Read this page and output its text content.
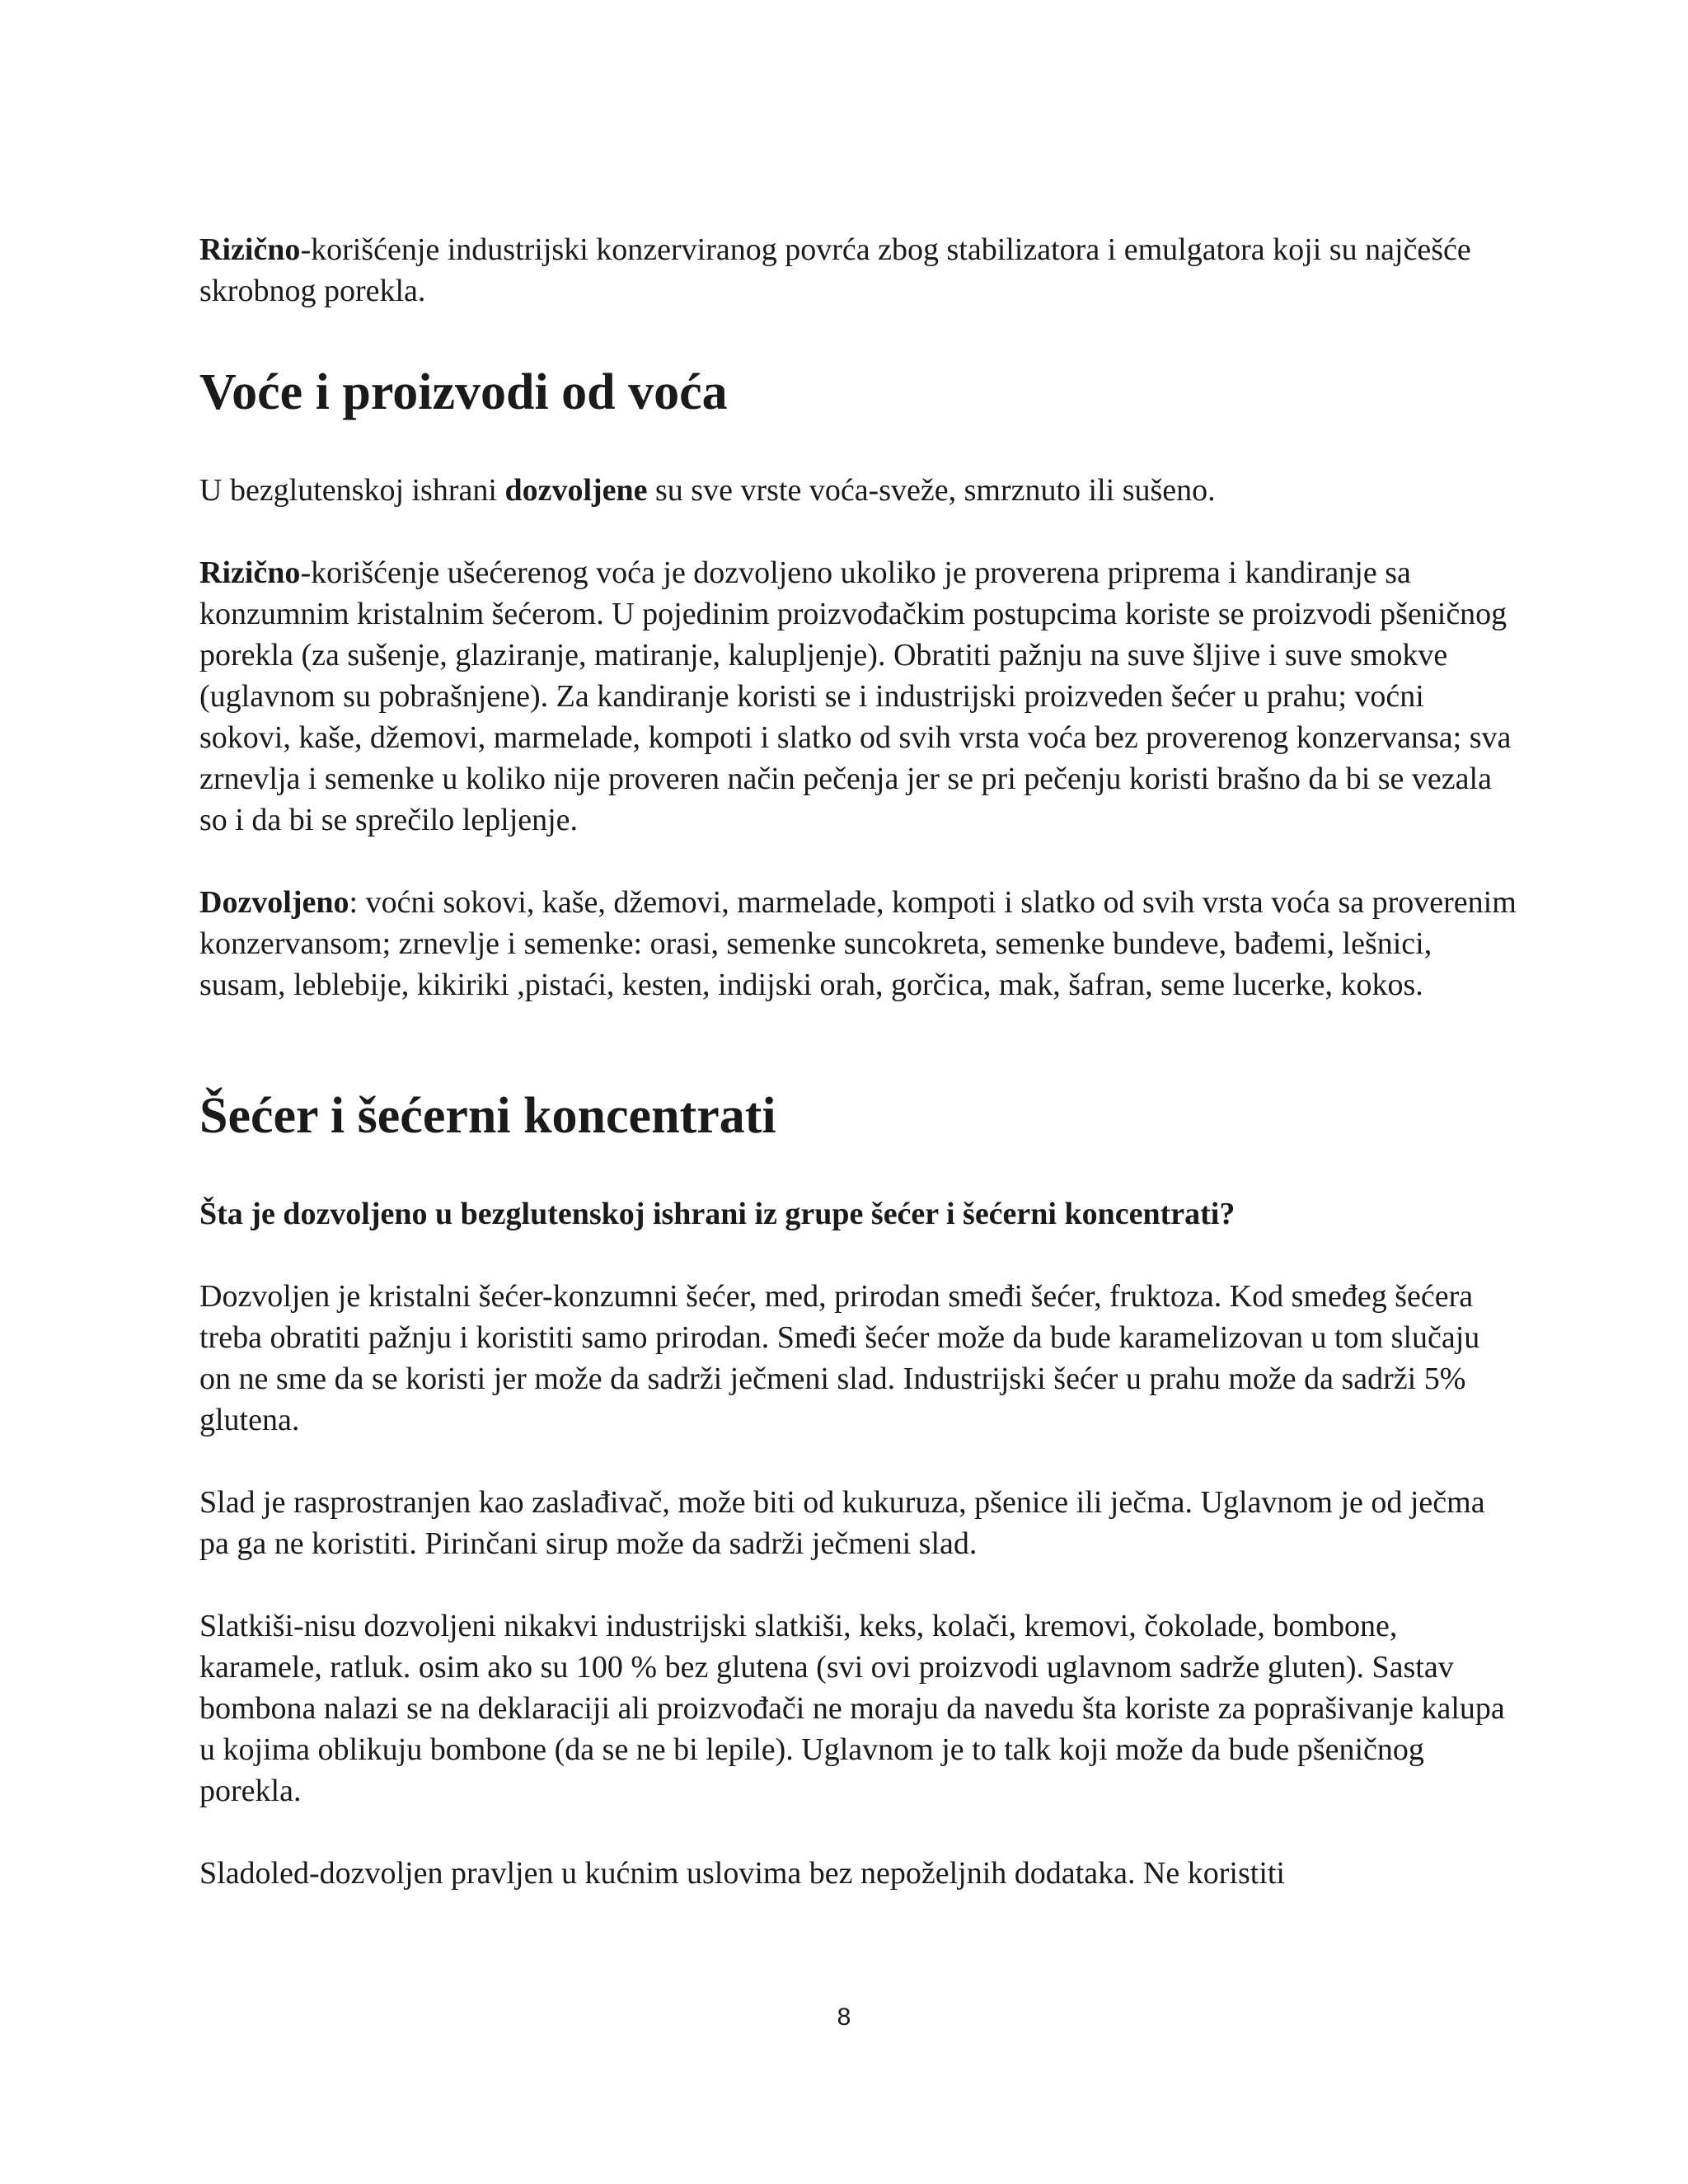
Rizično-korišćenje industrijski konzerviranog povrća zbog stabilizatora i emulgatora koji su najčešće skrobnog porekla.

Voće i proizvodi od voća

U bezglutenskoj ishrani dozvoljene su sve vrste voća-sveže, smrznuto ili sušeno.

Rizično-korišćenje ušećerenog voća je dozvoljeno ukoliko je proverena priprema i kandiranje sa konzumnim kristalnim šećerom. U pojedinim proizvođačkim postupcima koriste se proizvodi pšeničnog porekla (za sušenje, glaziranje, matiranje, kalupljenje). Obratiti pažnju na suve šljive i suve smokve (uglavnom su pobrašnjene). Za kandiranje koristi se i industrijski proizveden šećer u prahu; voćni sokovi, kaše, džemovi, marmelade, kompoti i slatko od svih vrsta voća bez proverenog konzervansa; sva zrnevlja i semenke u koliko nije proveren način pečenja jer se pri pečenju koristi brašno da bi se vezala so i da bi se sprečilo lepljenje.

Dozvoljeno: voćni sokovi, kaše, džemovi, marmelade, kompoti i slatko od svih vrsta voća sa proverenim konzervansom; zrnevlje i semenke: orasi, semenke suncokreta, semenke bundeve, bađemi, lešnici, susam, leblebije, kikiriki ,pistaći, kesten, indijski orah, gorčica, mak, šafran, seme lucerke, kokos.

Šećer i šećerni koncentrati
Šta je dozvoljeno u bezglutenskoj ishrani iz grupe šećer i šećerni koncentrati?

Dozvoljen je kristalni šećer-konzumni šećer, med, prirodan smeđi šećer, fruktoza. Kod smeđeg šećera treba obratiti pažnju i koristiti samo prirodan. Smeđi šećer može da bude karamelizovan u tom slučaju on ne sme da se koristi jer može da sadrži ječmeni slad. Industrijski šećer u prahu može da sadrži 5% glutena.

Slad je rasprostranjen kao zaslađivač, može biti od kukuruza, pšenice ili ječma. Uglavnom je od ječma pa ga ne koristiti. Pirinčani sirup može da sadrži ječmeni slad.

Slatkiši-nisu dozvoljeni nikakvi industrijski slatkiši, keks, kolači, kremovi, čokolade, bombone, karamele, ratluk. osim ako su 100 % bez glutena (svi ovi proizvodi uglavnom sadrže gluten). Sastav bombona nalazi se na deklaraciji ali proizvođači ne moraju da navedu šta koriste za poprašivanje kalupa u kojima oblikuju bombone (da se ne bi lepile). Uglavnom je to talk koji može da bude pšeničnog porekla.

Sladoled-dozvoljen pravljen u kućnim uslovima bez nepoželjnih dodataka. Ne koristiti

8
